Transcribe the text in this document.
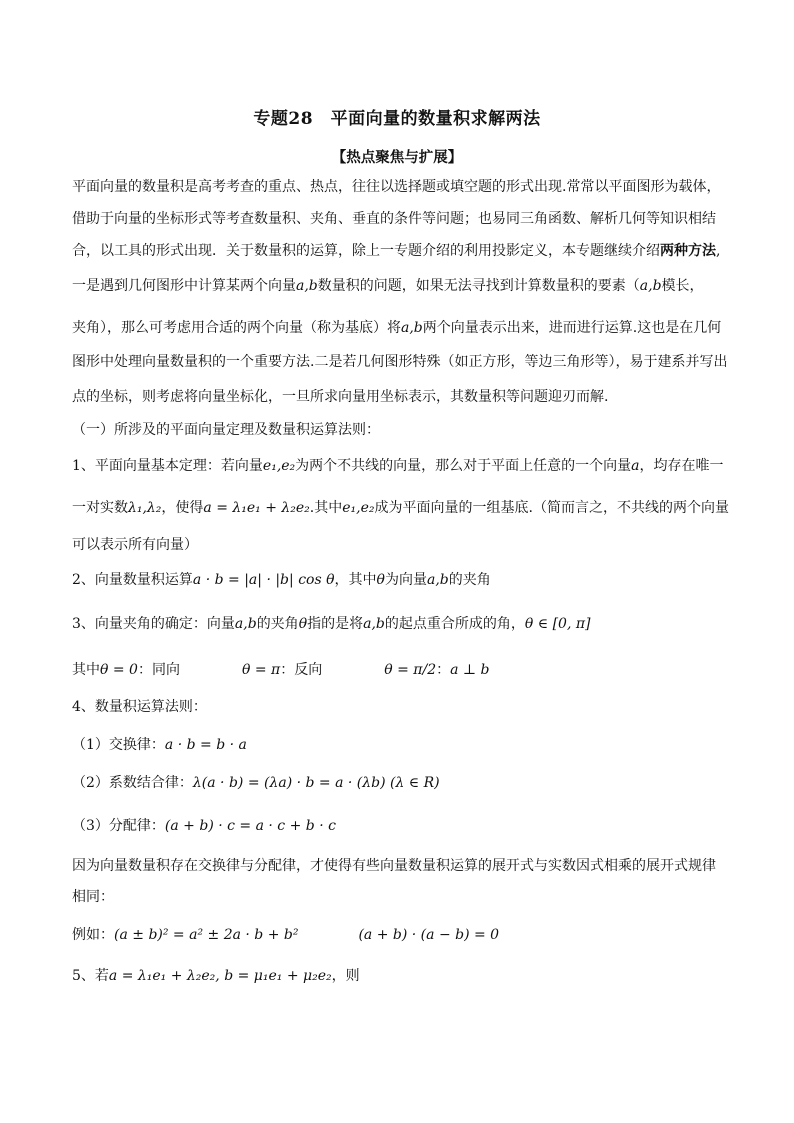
专题28　平面向量的数量积求解两法
【热点聚焦与扩展】
平面向量的数量积是高考考查的重点、热点，往往以选择题或填空题的形式出现.常常以平面图形为载体，
借助于向量的坐标形式等考查数量积、夹角、垂直的条件等问题；也易同三角函数、解析几何等知识相结
合，以工具的形式出现．关于数量积的运算，除上一专题介绍的利用投影定义，本专题继续介绍两种方法,
一是遇到几何图形中计算某两个向量a,b数量积的问题，如果无法寻找到计算数量积的要素（a,b模长，
夹角），那么可考虑用合适的两个向量（称为基底）将a,b两个向量表示出来，进而进行运算.这也是在几何
图形中处理向量数量积的一个重要方法.二是若几何图形特殊（如正方形，等边三角形等），易于建系并写出
点的坐标，则考虑将向量坐标化，一旦所求向量用坐标表示，其数量积等问题迎刃而解.
（一）所涉及的平面向量定理及数量积运算法则：
1、平面向量基本定理：若向量e₁,e₂为两个不共线的向量，那么对于平面上任意的一个向量a，均存在唯一
一对实数λ₁,λ₂，使得a = λ₁e₁ + λ₂e₂.其中e₁,e₂成为平面向量的一组基底.（简而言之，不共线的两个向量
可以表示所有向量）
2、向量数量积运算a · b = |a| · |b| cos θ，其中θ为向量a,b的夹角
3、向量夹角的确定：向量a,b的夹角θ指的是将a,b的起点重合所成的角，θ ∈ [0, π]
其中θ = 0：同向	θ = π：反向	θ = π/2：a ⊥ b
4、数量积运算法则：
（1）交换律：a · b = b · a
（2）系数结合律：λ(a · b) = (λa) · b = a · (λb) (λ ∈ R)
（3）分配律：(a + b) · c = a · c + b · c
因为向量数量积存在交换律与分配律，才使得有些向量数量积运算的展开式与实数因式相乘的展开式规律
相同：
例如：(a ± b)² = a² ± 2a · b + b²	(a + b) · (a − b) = 0
5、若a = λ₁e₁ + λ₂e₂, b = μ₁e₁ + μ₂e₂，则
